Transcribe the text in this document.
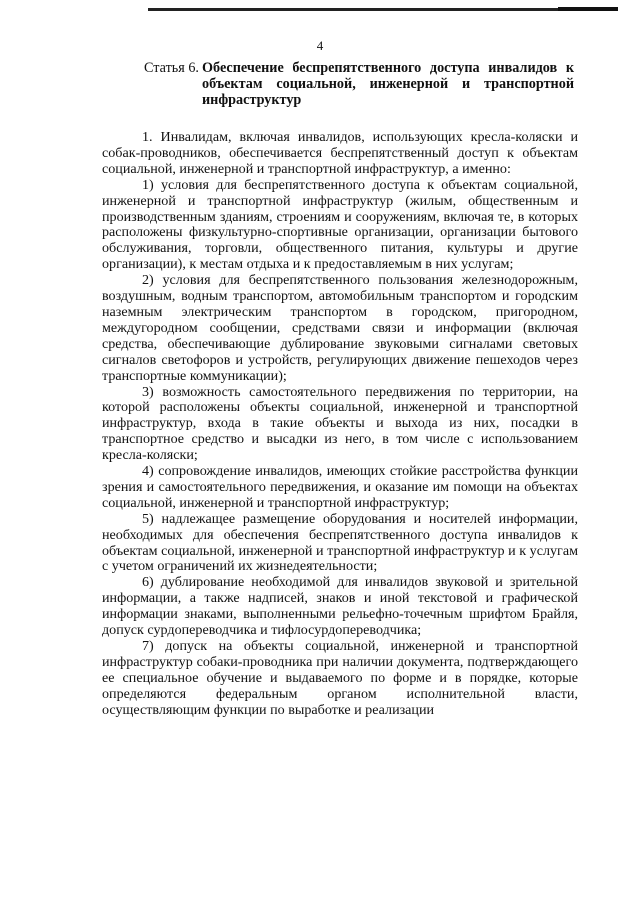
4
Статья 6. Обеспечение беспрепятственного доступа инвалидов к объектам социальной, инженерной и транспортной инфраструктур

1. Инвалидам, включая инвалидов, использующих кресла-коляски и собак-проводников, обеспечивается беспрепятственный доступ к объектам социальной, инженерной и транспортной инфраструктур, а именно:

1) условия для беспрепятственного доступа к объектам социальной, инженерной и транспортной инфраструктур (жилым, общественным и производственным зданиям, строениям и сооружениям, включая те, в которых расположены физкультурно-спортивные организации, организации бытового обслуживания, торговли, общественного питания, культуры и другие организации), к местам отдыха и к предоставляемым в них услугам;

2) условия для беспрепятственного пользования железнодорожным, воздушным, водным транспортом, автомобильным транспортом и городским наземным электрическим транспортом в городском, пригородном, междугородном сообщении, средствами связи и информации (включая средства, обеспечивающие дублирование звуковыми сигналами световых сигналов светофоров и устройств, регулирующих движение пешеходов через транспортные коммуникации);

3) возможность самостоятельного передвижения по территории, на которой расположены объекты социальной, инженерной и транспортной инфраструктур, входа в такие объекты и выхода из них, посадки в транспортное средство и высадки из него, в том числе с использованием кресла-коляски;

4) сопровождение инвалидов, имеющих стойкие расстройства функции зрения и самостоятельного передвижения, и оказание им помощи на объектах социальной, инженерной и транспортной инфраструктур;

5) надлежащее размещение оборудования и носителей информации, необходимых для обеспечения беспрепятственного доступа инвалидов к объектам социальной, инженерной и транспортной инфраструктур и к услугам с учетом ограничений их жизнедеятельности;

6) дублирование необходимой для инвалидов звуковой и зрительной информации, а также надписей, знаков и иной текстовой и графической информации знаками, выполненными рельефно-точечным шрифтом Брайля, допуск сурдопереводчика и тифлосурдопереводчика;

7) допуск на объекты социальной, инженерной и транспортной инфраструктур собаки-проводника при наличии документа, подтверждающего ее специальное обучение и выдаваемого по форме и в порядке, которые определяются федеральным органом исполнительной власти, осуществляющим функции по выработке и реализации
